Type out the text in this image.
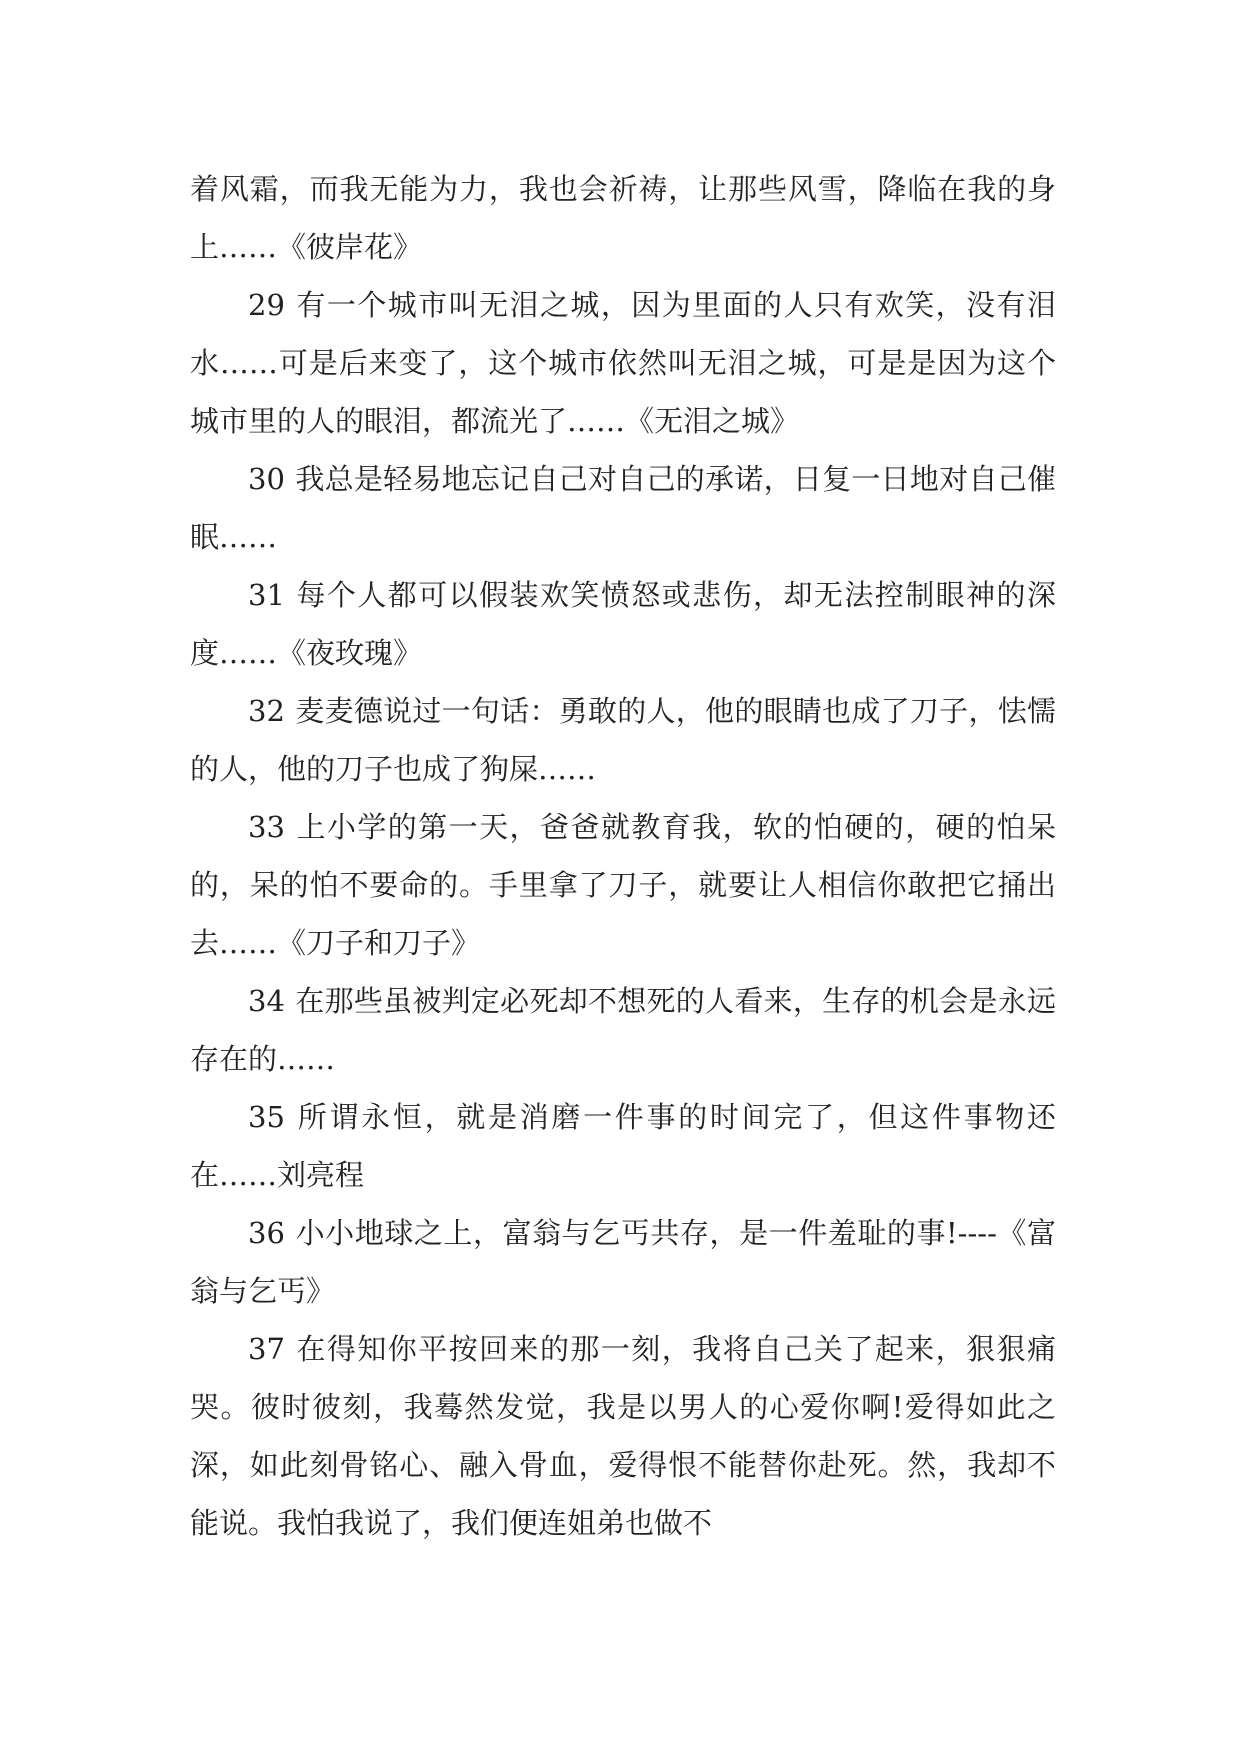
着风霜，而我无能为力，我也会祈祷，让那些风雪，降临在我的身上……《彼岸花》

29 有一个城市叫无泪之城，因为里面的人只有欢笑，没有泪水……可是后来变了，这个城市依然叫无泪之城，可是是因为这个城市里的人的眼泪，都流光了……《无泪之城》

30 我总是轻易地忘记自己对自己的承诺，日复一日地对自己催眠……

31 每个人都可以假装欢笑愤怒或悲伤，却无法控制眼神的深度……《夜玫瑰》

32 麦麦德说过一句话：勇敢的人，他的眼睛也成了刀子，怯懦的人，他的刀子也成了狗屎……

33 上小学的第一天，爸爸就教育我，软的怕硬的，硬的怕呆的，呆的怕不要命的。手里拿了刀子，就要让人相信你敢把它捅出去……《刀子和刀子》

34 在那些虽被判定必死却不想死的人看来，生存的机会是永远存在的……

35 所谓永恒，就是消磨一件事的时间完了，但这件事物还在……刘亮程

36 小小地球之上，富翁与乞丐共存，是一件羞耻的事!----《富翁与乞丐》

37 在得知你平按回来的那一刻，我将自己关了起来，狠狠痛哭。彼时彼刻，我蓦然发觉，我是以男人的心爱你啊!爱得如此之深，如此刻骨铭心、融入骨血，爱得恨不能替你赴死。然，我却不能说。我怕我说了，我们便连姐弟也做不
